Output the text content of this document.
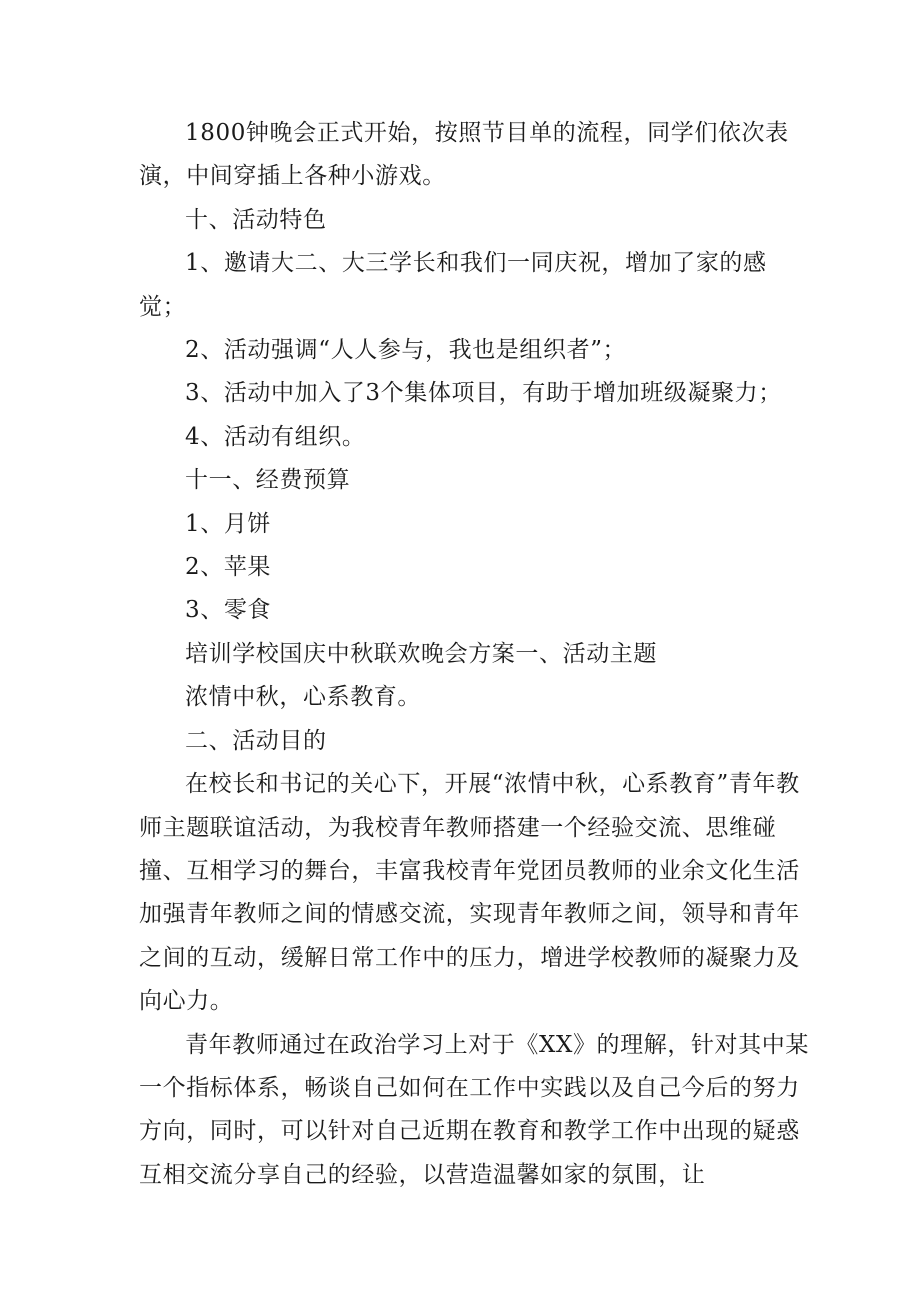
1800钟晚会正式开始，按照节目单的流程，同学们依次表演，中间穿插上各种小游戏。

十、活动特色

1、邀请大二、大三学长和我们一同庆祝，增加了家的感觉；

2、活动强调“人人参与，我也是组织者”；

3、活动中加入了3个集体项目，有助于增加班级凝聚力；

4、活动有组织。

十一、经费预算

1、月饼

2、苹果

3、零食

培训学校国庆中秋联欢晚会方案一、活动主题

浓情中秋，心系教育。

二、活动目的

在校长和书记的关心下，开展“浓情中秋，心系教育”青年教师主题联谊活动，为我校青年教师搭建一个经验交流、思维碰撞、互相学习的舞台，丰富我校青年党团员教师的业余文化生活加强青年教师之间的情感交流，实现青年教师之间，领导和青年之间的互动，缓解日常工作中的压力，增进学校教师的凝聚力及向心力。

青年教师通过在政治学习上对于《XX》的理解，针对其中某一个指标体系，畅谈自己如何在工作中实践以及自己今后的努力方向，同时，可以针对自己近期在教育和教学工作中出现的疑惑互相交流分享自己的经验，以营造温馨如家的氛围，让
